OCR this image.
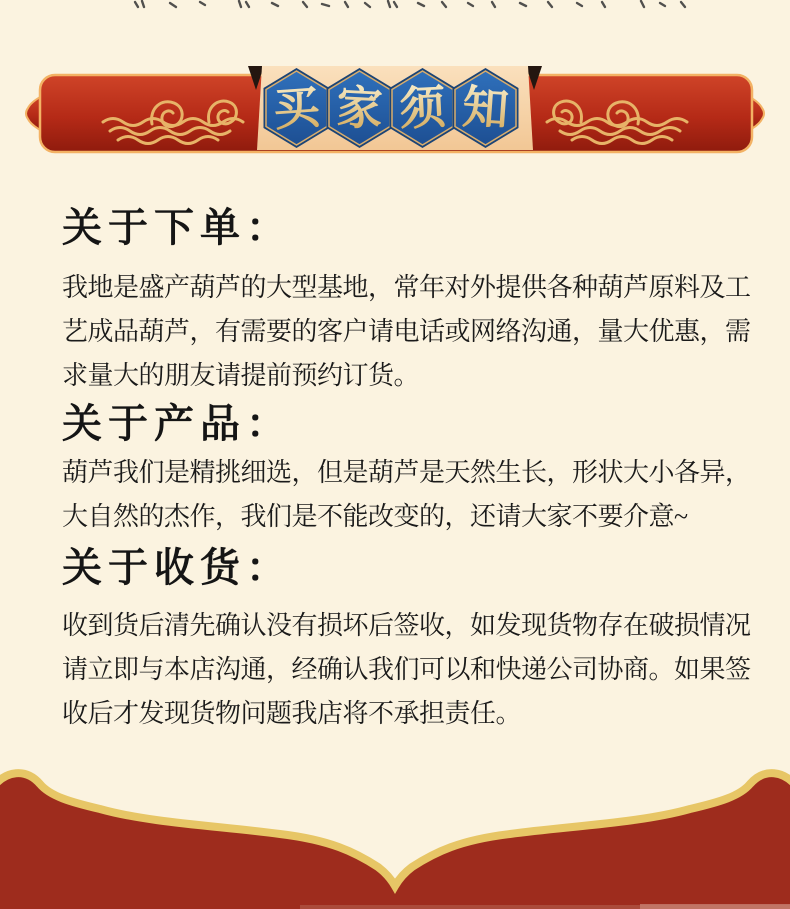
买 家 须 知
关于下单：
我地是盛产葫芦的大型基地，常年对外提供各种葫芦原料及工
艺成品葫芦，有需要的客户请电话或网络沟通，量大优惠，需
求量大的朋友请提前预约订货。
关于产品：
葫芦我们是精挑细选，但是葫芦是天然生长，形状大小各异，
大自然的杰作，我们是不能改变的，还请大家不要介意~
关于收货：
收到货后清先确认没有损坏后签收，如发现货物存在破损情况
请立即与本店沟通，经确认我们可以和快递公司协商。如果签
收后才发现货物问题我店将不承担责任。
